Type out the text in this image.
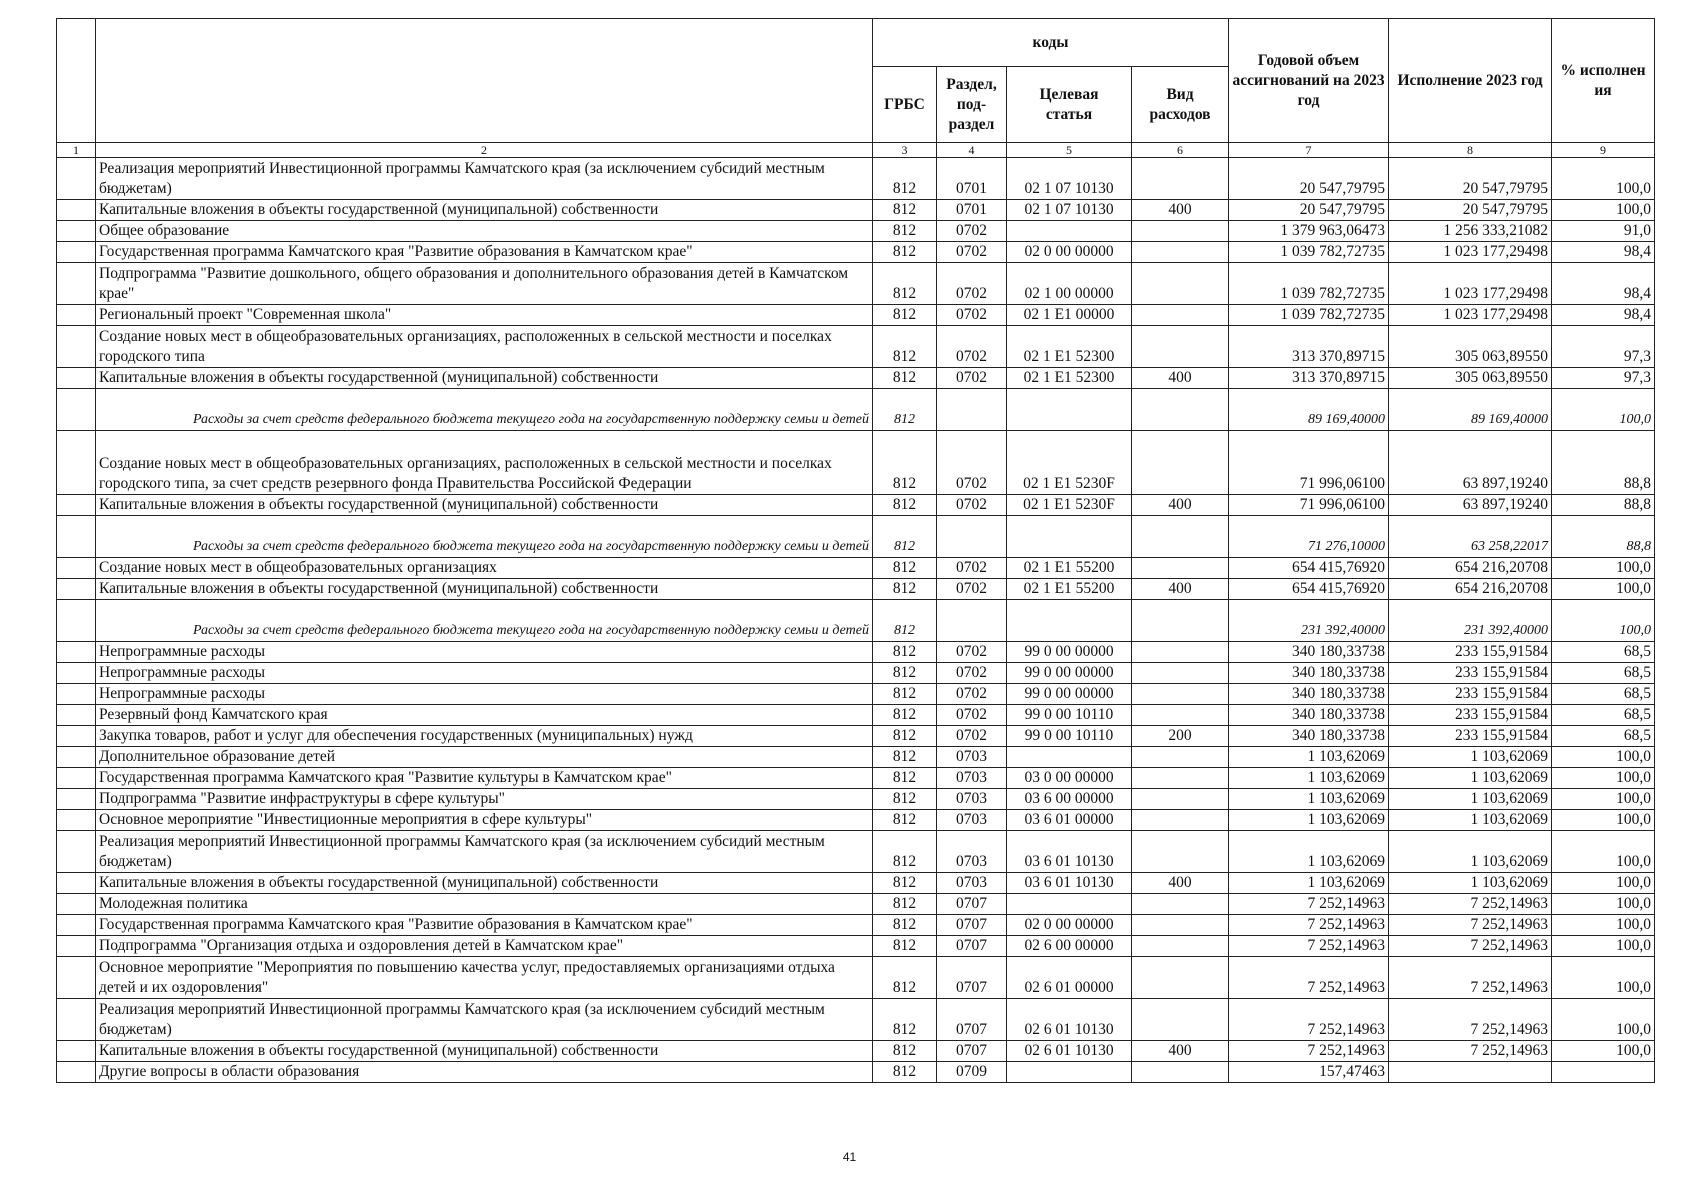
		коды				Годовой объем ассигнований на 2023 год	Исполнение 2023 год	% исполнения
		ГРБС	Раздел, под-раздел	Целевая статья	Вид расходов			
1	2	3	4	5	6	7	8	9
	Реализация мероприятий Инвестиционной программы Камчатского края (за исключением субсидий местным бюджетам)	812	0701	02 1 07 10130		20 547,79795	20 547,79795	100,0
	Капитальные вложения в объекты государственной (муниципальной) собственности	812	0701	02 1 07 10130	400	20 547,79795	20 547,79795	100,0
	Общее образование	812	0702			1 379 963,06473	1 256 333,21082	91,0
	Государственная программа Камчатского края "Развитие образования в Камчатском крае"	812	0702	02 0 00 00000		1 039 782,72735	1 023 177,29498	98,4
	Подпрограмма "Развитие дошкольного, общего образования и дополнительного образования детей в Камчатском крае"	812	0702	02 1 00 00000		1 039 782,72735	1 023 177,29498	98,4
	Региональный проект "Современная школа"	812	0702	02 1 E1 00000		1 039 782,72735	1 023 177,29498	98,4
	Создание новых мест в общеобразовательных организациях, расположенных в сельской местности и поселках городского типа	812	0702	02 1 E1 52300		313 370,89715	305 063,89550	97,3
	Капитальные вложения в объекты государственной (муниципальной) собственности	812	0702	02 1 E1 52300	400	313 370,89715	305 063,89550	97,3
	Расходы за счет средств федерального бюджета текущего года на государственную поддержку семьи и детей	812				89 169,40000	89 169,40000	100,0
	Создание новых мест в общеобразовательных организациях, расположенных в сельской местности и поселках городского типа, за счет средств резервного фонда Правительства Российской Федерации	812	0702	02 1 E1 5230F		71 996,06100	63 897,19240	88,8
	Капитальные вложения в объекты государственной (муниципальной) собственности	812	0702	02 1 E1 5230F	400	71 996,06100	63 897,19240	88,8
	Расходы за счет средств федерального бюджета текущего года на государственную поддержку семьи и детей	812				71 276,10000	63 258,22017	88,8
	Создание новых мест в общеобразовательных организациях	812	0702	02 1 E1 55200		654 415,76920	654 216,20708	100,0
	Капитальные вложения в объекты государственной (муниципальной) собственности	812	0702	02 1 E1 55200	400	654 415,76920	654 216,20708	100,0
	Расходы за счет средств федерального бюджета текущего года на государственную поддержку семьи и детей	812				231 392,40000	231 392,40000	100,0
	Непрограммные расходы	812	0702	99 0 00 00000		340 180,33738	233 155,91584	68,5
	Непрограммные расходы	812	0702	99 0 00 00000		340 180,33738	233 155,91584	68,5
	Непрограммные расходы	812	0702	99 0 00 00000		340 180,33738	233 155,91584	68,5
	Резервный фонд Камчатского края	812	0702	99 0 00 10110		340 180,33738	233 155,91584	68,5
	Закупка товаров, работ и услуг для обеспечения государственных (муниципальных) нужд	812	0702	99 0 00 10110	200	340 180,33738	233 155,91584	68,5
	Дополнительное образование детей	812	0703			1 103,62069	1 103,62069	100,0
	Государственная программа Камчатского края "Развитие культуры в Камчатском крае"	812	0703	03 0 00 00000		1 103,62069	1 103,62069	100,0
	Подпрограмма "Развитие инфраструктуры в сфере культуры"	812	0703	03 6 00 00000		1 103,62069	1 103,62069	100,0
	Основное мероприятие "Инвестиционные мероприятия в сфере культуры"	812	0703	03 6 01 00000		1 103,62069	1 103,62069	100,0
	Реализация мероприятий Инвестиционной программы Камчатского края (за исключением субсидий местным бюджетам)	812	0703	03 6 01 10130		1 103,62069	1 103,62069	100,0
	Капитальные вложения в объекты государственной (муниципальной) собственности	812	0703	03 6 01 10130	400	1 103,62069	1 103,62069	100,0
	Молодежная политика	812	0707			7 252,14963	7 252,14963	100,0
	Государственная программа Камчатского края "Развитие образования в Камчатском крае"	812	0707	02 0 00 00000		7 252,14963	7 252,14963	100,0
	Подпрограмма "Организация отдыха и оздоровления детей в Камчатском крае"	812	0707	02 6 00 00000		7 252,14963	7 252,14963	100,0
	Основное мероприятие "Мероприятия по повышению качества услуг, предоставляемых организациями отдыха детей и их оздоровления"	812	0707	02 6 01 00000		7 252,14963	7 252,14963	100,0
	Реализация мероприятий Инвестиционной программы Камчатского края (за исключением субсидий местным бюджетам)	812	0707	02 6 01 10130		7 252,14963	7 252,14963	100,0
	Капитальные вложения в объекты государственной (муниципальной) собственности	812	0707	02 6 01 10130	400	7 252,14963	7 252,14963	100,0
	Другие вопросы в области образования	812	0709			157,47463		
41
